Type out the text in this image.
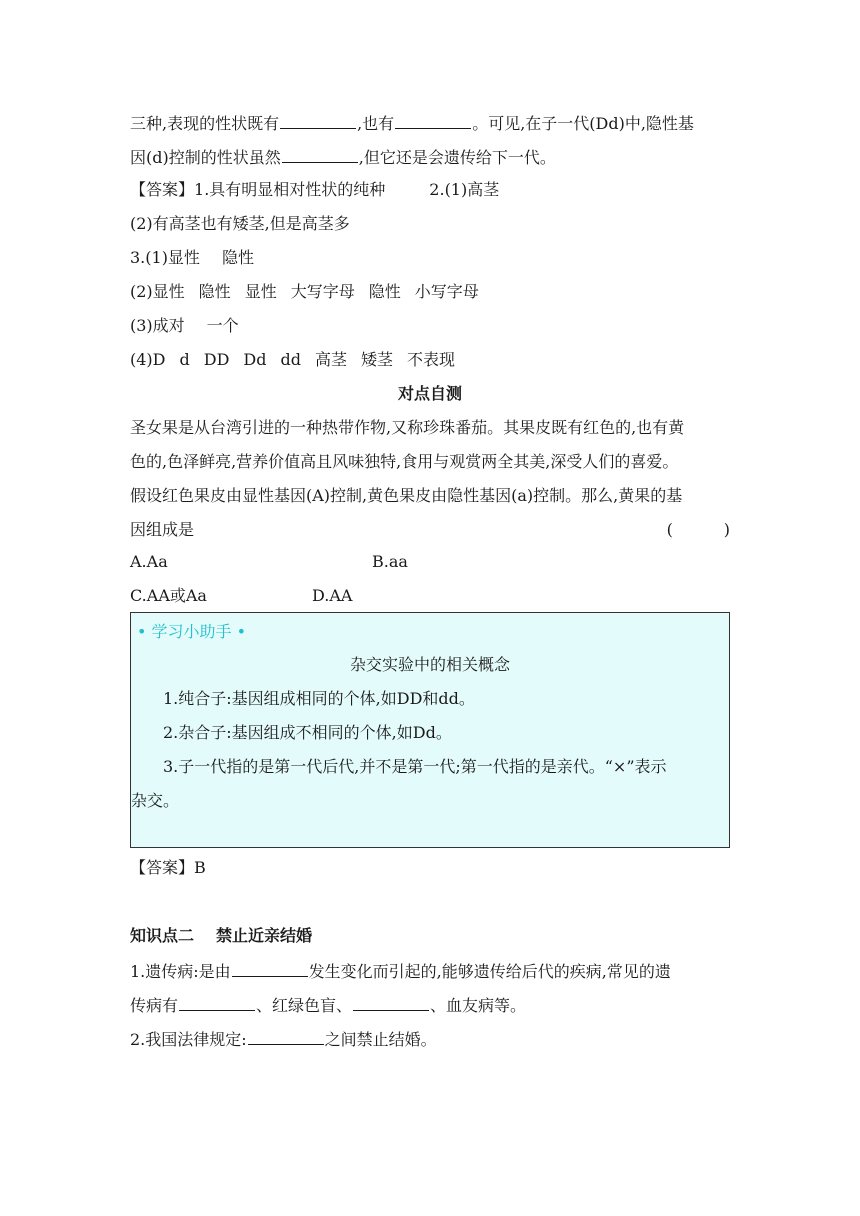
三种,表现的性状既有	,也有	。可见,在子一代(Dd)中,隐性基
因(d)控制的性状虽然	,但它还是会遗传给下一代。
【答案】1.具有明显相对性状的纯种	2.(1)高茎
(2)有高茎也有矮茎,但是高茎多
3.(1)显性 隐性
(2)显性 隐性 显性 大写字母 隐性 小写字母
(3)成对 一个
(4)D d DD Dd dd 高茎 矮茎 不表现
对点自测
圣女果是从台湾引进的一种热带作物,又称珍珠番茄。其果皮既有红色的,也有黄
色的,色泽鲜亮,营养价值高且风味独特,食用与观赏两全其美,深受人们的喜爱。
假设红色果皮由显性基因(A)控制,黄色果皮由隐性基因(a)控制。那么,黄果的基
因组成是	(          )
A.Aa	B.aa
C.AA或Aa	D.AA
• 学习小助手 •
杂交实验中的相关概念
1.纯合子:基因组成相同的个体,如DD和dd。
2.杂合子:基因组成不相同的个体,如Dd。
3.子一代指的是第一代后代,并不是第一代;第一代指的是亲代。“×”表示
杂交。
【答案】B
知识点二 禁止近亲结婚
1.遗传病:是由	发生变化而引起的,能够遗传给后代的疾病,常见的遗
传病有	、红绿色盲、	、血友病等。
2.我国法律规定:	之间禁止结婚。
